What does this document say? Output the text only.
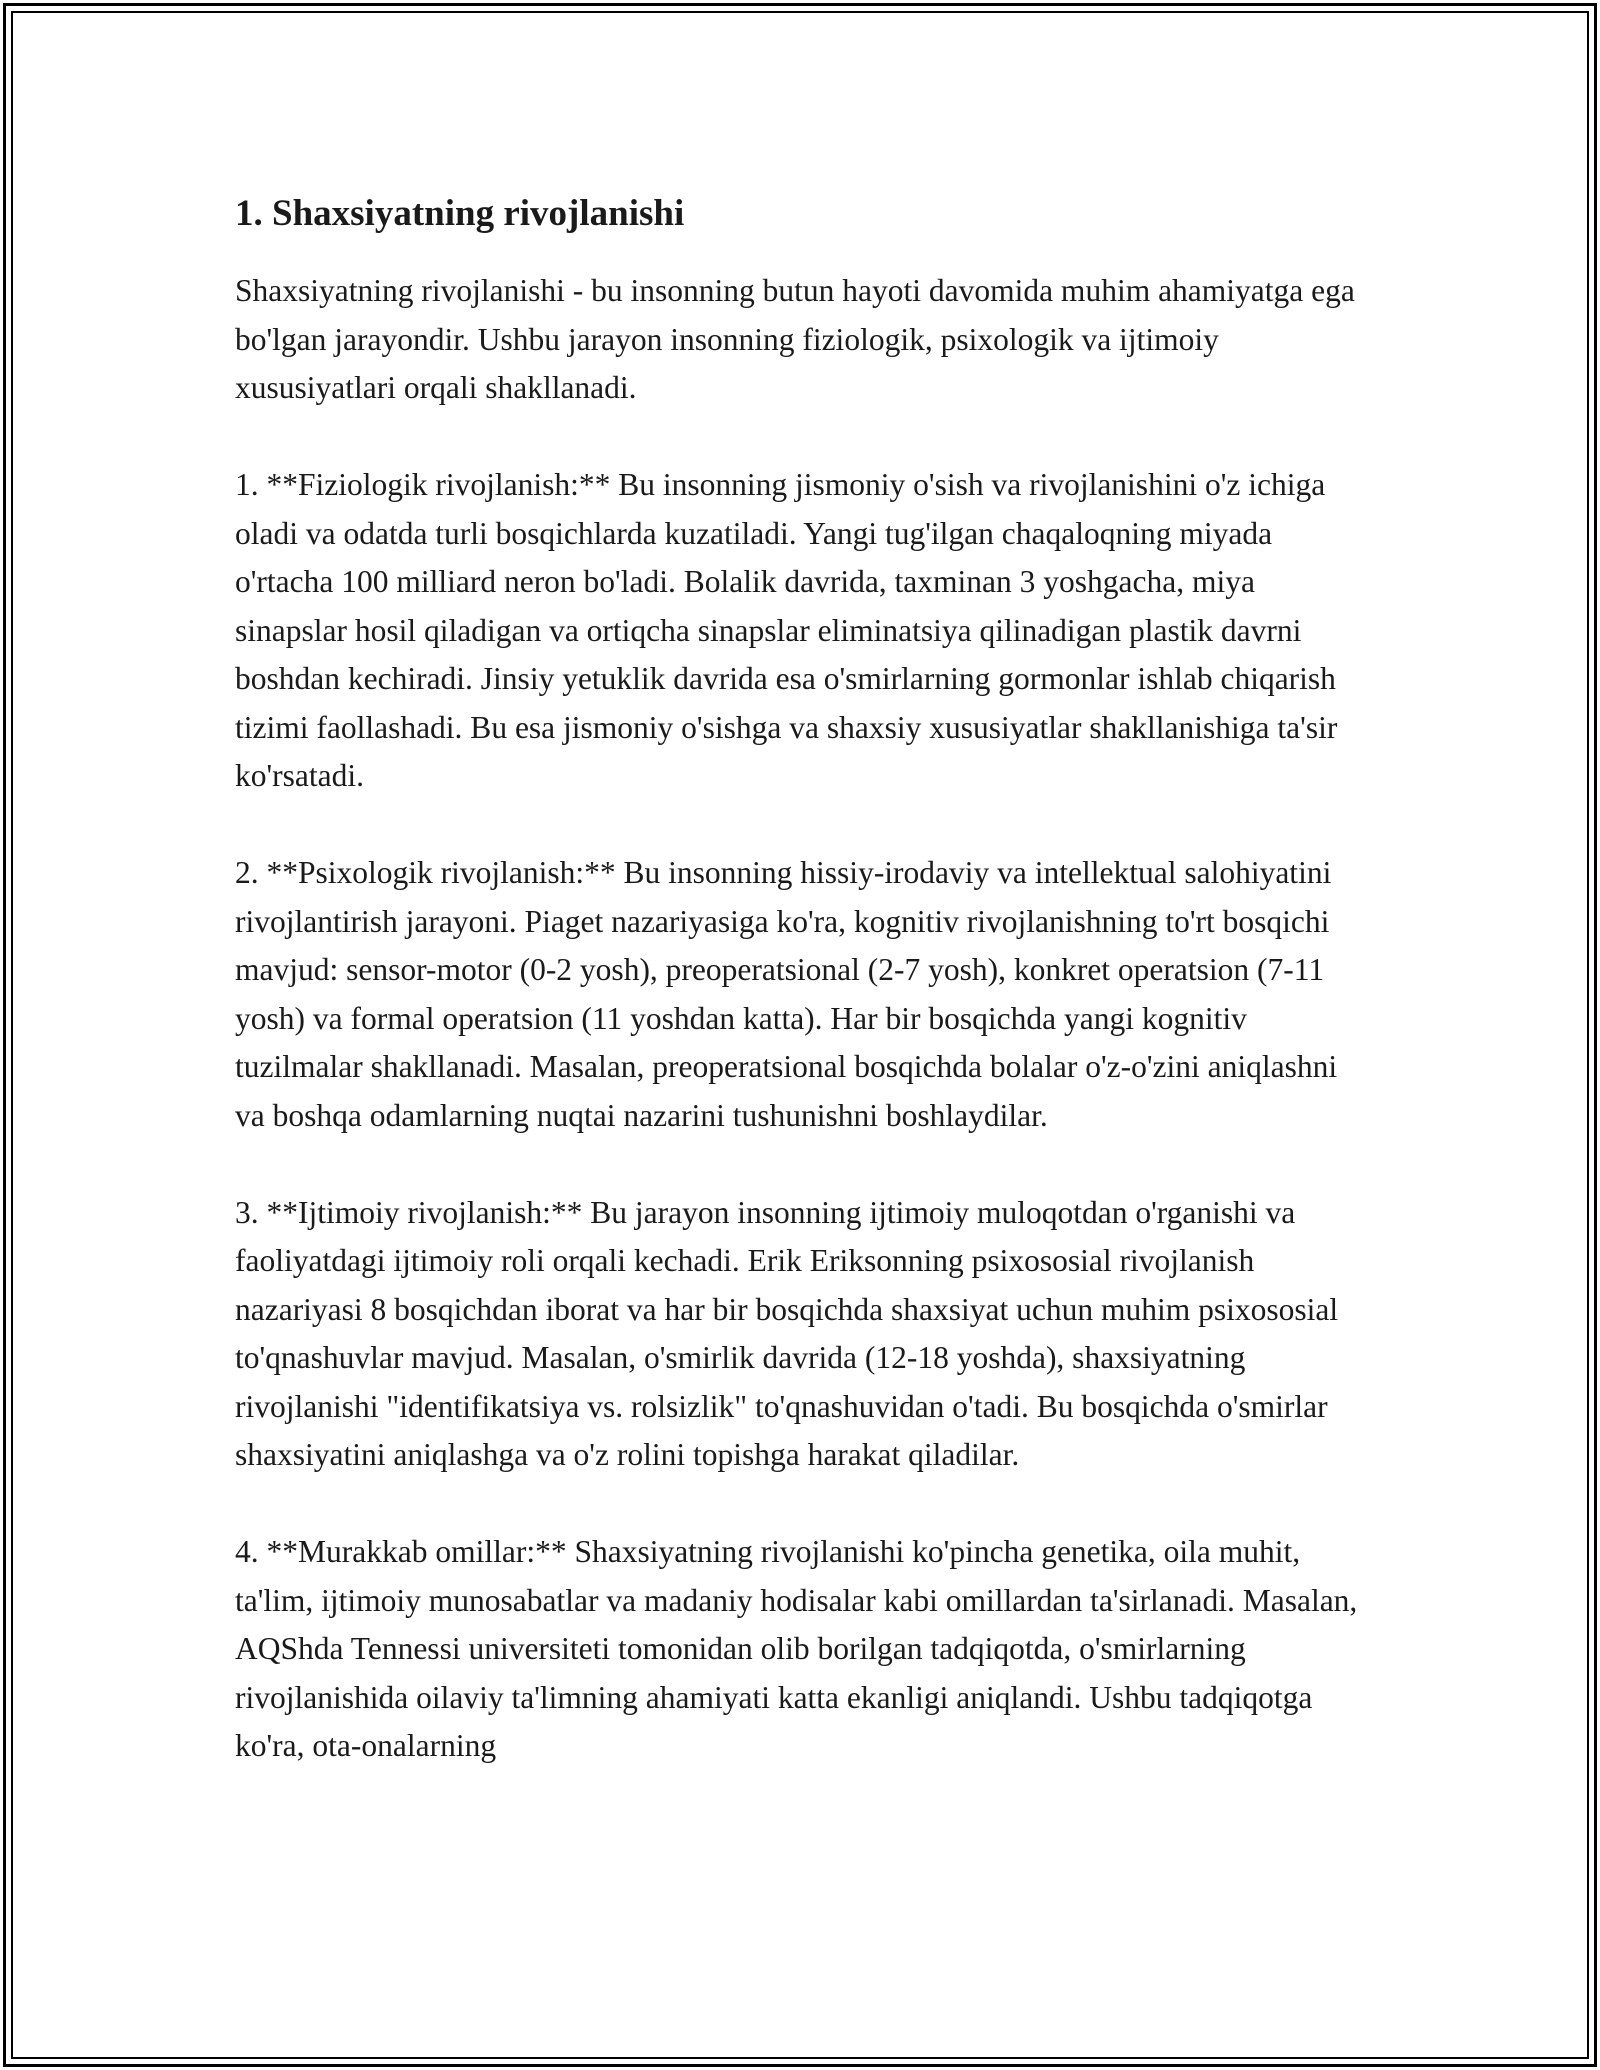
1. Shaxsiyatning rivojlanishi

Shaxsiyatning rivojlanishi - bu insonning butun hayoti davomida muhim ahamiyatga ega bo'lgan jarayondir. Ushbu jarayon insonning fiziologik, psixologik va ijtimoiy xususiyatlari orqali shakllanadi.

1. **Fiziologik rivojlanish:** Bu insonning jismoniy o'sish va rivojlanishini o'z ichiga oladi va odatda turli bosqichlarda kuzatiladi. Yangi tug'ilgan chaqaloqning miyada o'rtacha 100 milliard neron bo'ladi. Bolalik davrida, taxminan 3 yoshgacha, miya sinapslar hosil qiladigan va ortiqcha sinapslar eliminatsiya qilinadigan plastik davrni boshdan kechiradi. Jinsiy yetuklik davrida esa o'smirlarning gormonlar ishlab chiqarish tizimi faollashadi. Bu esa jismoniy o'sishga va shaxsiy xususiyatlar shakllanishiga ta'sir ko'rsatadi.

2. **Psixologik rivojlanish:** Bu insonning hissiy-irodaviy va intellektual salohiyatini rivojlantirish jarayoni. Piaget nazariyasiga ko'ra, kognitiv rivojlanishning to'rt bosqichi mavjud: sensor-motor (0-2 yosh), preoperatsional (2-7 yosh), konkret operatsion (7-11 yosh) va formal operatsion (11 yoshdan katta). Har bir bosqichda yangi kognitiv tuzilmalar shakllanadi. Masalan, preoperatsional bosqichda bolalar o'z-o'zini aniqlashni va boshqa odamlarning nuqtai nazarini tushunishni boshlaydilar.

3. **Ijtimoiy rivojlanish:** Bu jarayon insonning ijtimoiy muloqotdan o'rganishi va faoliyatdagi ijtimoiy roli orqali kechadi. Erik Eriksonning psixososial rivojlanish nazariyasi 8 bosqichdan iborat va har bir bosqichda shaxsiyat uchun muhim psixososial to'qnashuvlar mavjud. Masalan, o'smirlik davrida (12-18 yoshda), shaxsiyatning rivojlanishi "identifikatsiya vs. rolsizlik" to'qnashuvidan o'tadi. Bu bosqichda o'smirlar shaxsiyatini aniqlashga va o'z rolini topishga harakat qiladilar.

4. **Murakkab omillar:** Shaxsiyatning rivojlanishi ko'pincha genetika, oila muhit, ta'lim, ijtimoiy munosabatlar va madaniy hodisalar kabi omillardan ta'sirlanadi. Masalan, AQShda Tennessi universiteti tomonidan olib borilgan tadqiqotda, o'smirlarning rivojlanishida oilaviy ta'limning ahamiyati katta ekanligi aniqlandi. Ushbu tadqiqotga ko'ra, ota-onalarning
